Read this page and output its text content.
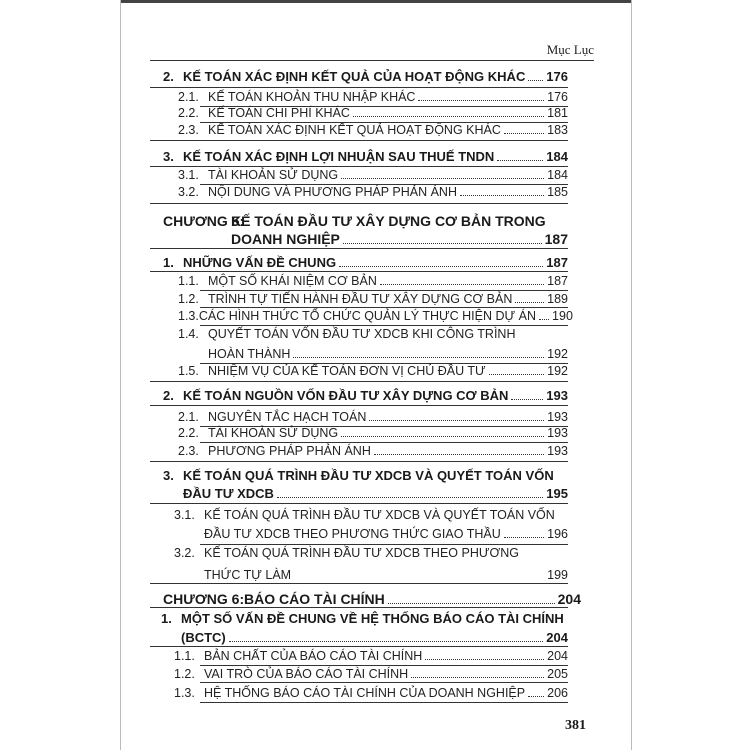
Mục Lục
2. KẾ TOÁN XÁC ĐỊNH KẾT QUẢ CỦA HOẠT ĐỘNG KHÁC 176
2.1. KẾ TOÁN KHOẢN THU NHẬP KHÁC	176
2.2. KẾ TOÁN CHI PHÍ KHÁC	181
2.3. KẾ TOÁN XÁC ĐỊNH KẾT QUẢ HOẠT ĐỘNG KHÁC	183
3. KẾ TOÁN XÁC ĐỊNH LỢI NHUẬN SAU THUẾ TNDN	184
3.1. TÀI KHOẢN SỬ DỤNG	184
3.2. NỘI DUNG VÀ PHƯƠNG PHÁP PHẢN ÁNH	185
CHƯƠNG 5:
KẾ TOÁN ĐẦU TƯ XÂY DỰNG CƠ BẢN TRONG
DOANH NGHIỆP	187
1. NHỮNG VẤN ĐỀ CHUNG	187
1.1. MỘT SỐ KHÁI NIỆM CƠ BẢN	187
1.2. TRÌNH TỰ TIẾN HÀNH ĐẦU TƯ XÂY DỰNG CƠ BẢN	189
1.3. CÁC HÌNH THỨC TỔ CHỨC QUẢN LÝ THỰC HIỆN DỰ ÁN 190
1.4. QUYẾT TOÁN VỐN ĐẦU TƯ XDCB KHI CÔNG TRÌNH
HOÀN THÀNH	192
1.5. NHIỆM VỤ CỦA KẾ TOÁN ĐƠN VỊ CHỦ ĐẦU TƯ	192
2. KẾ TOÁN NGUỒN VỐN ĐẦU TƯ XÂY DỰNG CƠ BẢN	193
2.1. NGUYÊN TẮC HẠCH TOÁN	193
2.2. TÀI KHOẢN SỬ DỤNG	193
2.3. PHƯƠNG PHÁP PHẢN ÁNH	193
3. KẾ TOÁN QUÁ TRÌNH ĐẦU TƯ XDCB VÀ QUYẾT TOÁN VỐN
ĐẦU TƯ XDCB	195
3.1. KẾ TOÁN QUÁ TRÌNH ĐẦU TƯ XDCB VÀ QUYẾT TOÁN VỐN
ĐẦU TƯ XDCB THEO PHƯƠNG THỨC GIAO THẦU	196
3.2. KẾ TOÁN QUÁ TRÌNH ĐẦU TƯ XDCB THEO PHƯƠNG
THỨC TỰ LÀM	199
CHƯƠNG 6: BÁO CÁO TÀI CHÍNH	204
1. MỘT SỐ VẤN ĐỀ CHUNG VỀ HỆ THỐNG BÁO CÁO TÀI CHÍNH
(BCTC)	204
1.1. BẢN CHẤT CỦA BÁO CÁO TÀI CHÍNH	204
1.2. VAI TRÒ CỦA BÁO CÁO TÀI CHÍNH	205
1.3. HỆ THỐNG BÁO CÁO TÀI CHÍNH CỦA DOANH NGHIỆP 206
381
